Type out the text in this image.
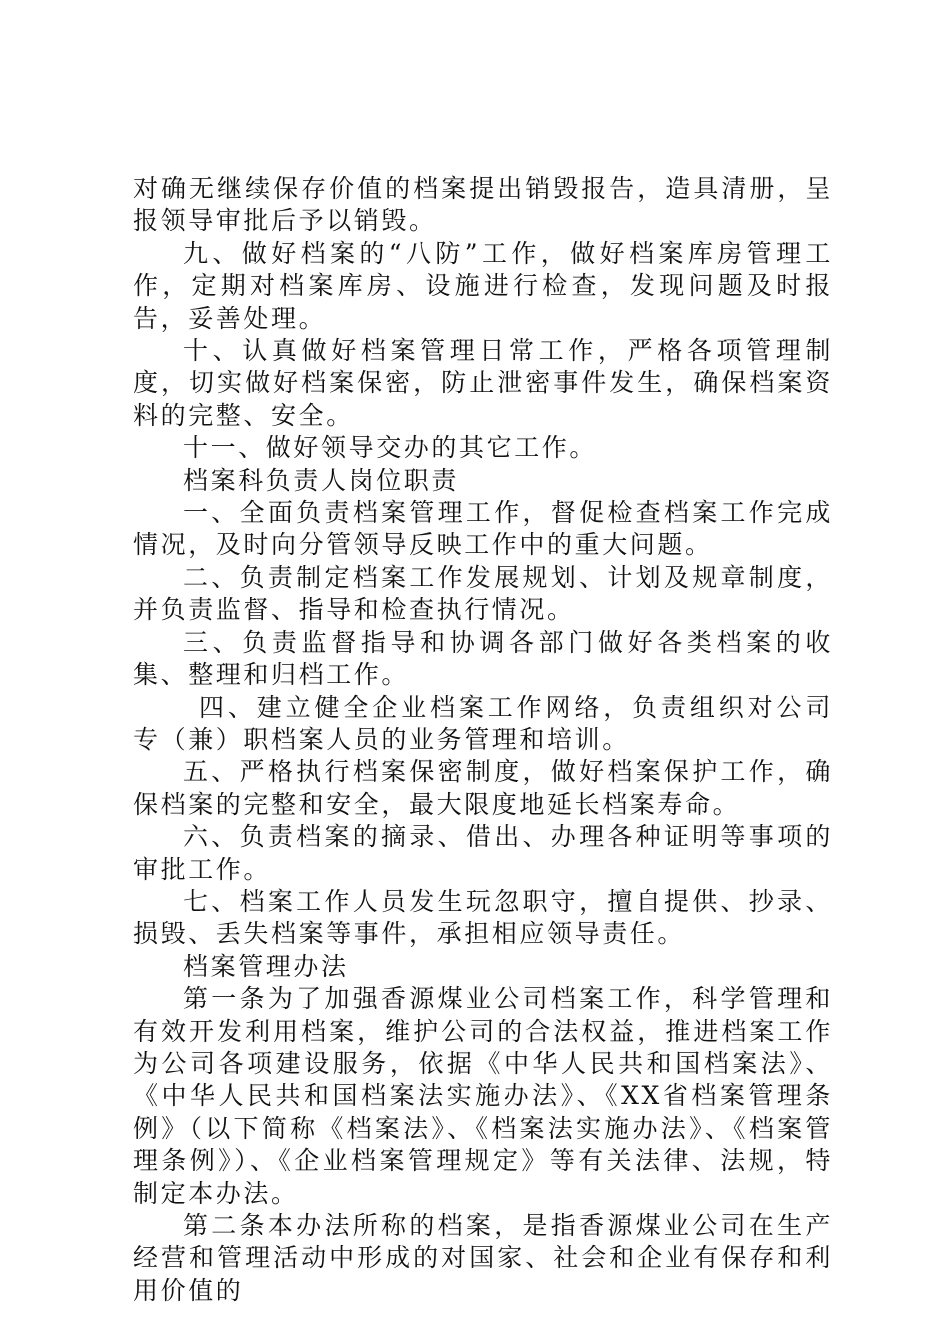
对确无继续保存价值的档案提出销毁报告，造具清册，呈报领导审批后予以销毁。

九、做好档案的“八防”工作，做好档案库房管理工作，定期对档案库房、设施进行检查，发现问题及时报告，妥善处理。

十、认真做好档案管理日常工作，严格各项管理制度，切实做好档案保密，防止泄密事件发生，确保档案资料的完整、安全。

十一、做好领导交办的其它工作。

档案科负责人岗位职责

一、全面负责档案管理工作，督促检查档案工作完成情况，及时向分管领导反映工作中的重大问题。

二、负责制定档案工作发展规划、计划及规章制度，并负责监督、指导和检查执行情况。

三、负责监督指导和协调各部门做好各类档案的收集、整理和归档工作。

四、建立健全企业档案工作网络，负责组织对公司专（兼）职档案人员的业务管理和培训。

五、严格执行档案保密制度，做好档案保护工作，确保档案的完整和安全，最大限度地延长档案寿命。

六、负责档案的摘录、借出、办理各种证明等事项的审批工作。

七、档案工作人员发生玩忽职守，擅自提供、抄录、损毁、丢失档案等事件，承担相应领导责任。

档案管理办法

第一条为了加强香源煤业公司档案工作，科学管理和有效开发利用档案，维护公司的合法权益，推进档案工作为公司各项建设服务，依据《中华人民共和国档案法》、《中华人民共和国档案法实施办法》、《XX省档案管理条例》（以下简称《档案法》、《档案法实施办法》、《档案管理条例》）、《企业档案管理规定》等有关法律、法规，特制定本办法。

第二条本办法所称的档案，是指香源煤业公司在生产经营和管理活动中形成的对国家、社会和企业有保存和利用价值的
